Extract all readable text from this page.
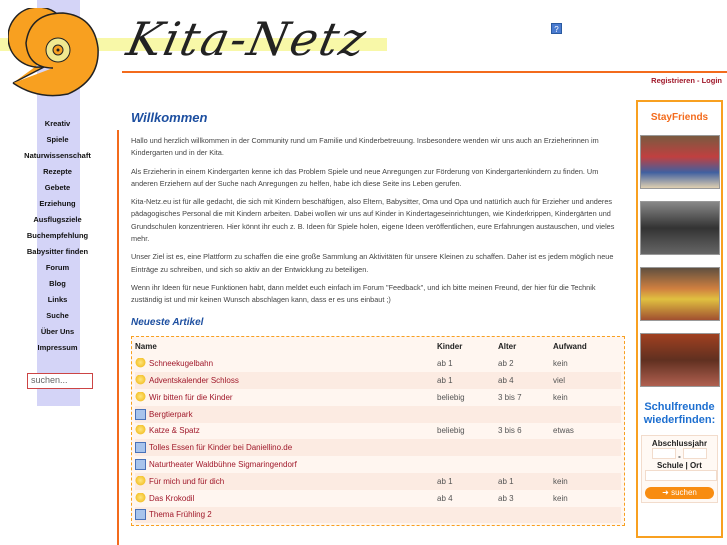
Kita-Netz	?
Registrieren - Login
Kreativ
Spiele
Naturwissenschaft
Rezepte
Gebete
Erziehung
Ausflugsziele
Buchempfehlung
Babysitter finden
Forum
Blog
Links
Suche
Über Uns
Impressum
suchen...
Willkommen

Hallo und herzlich willkommen in der Community rund um Familie und Kinderbetreuung. Insbesondere wenden wir uns auch an Erzieherinnen im Kindergarten und in der Kita.

Als Erzieherin in einem Kindergarten kenne ich das Problem Spiele und neue Anregungen zur Förderung von Kindergartenkindern zu finden. Um anderen Erziehern auf der Suche nach Anregungen zu helfen, habe ich diese Seite ins Leben gerufen.

Kita-Netz.eu ist für alle gedacht, die sich mit Kindern beschäftigen, also Eltern, Babysitter, Oma und Opa und natürlich auch für Erzieher und anderes pädagogisches Personal die mit Kindern arbeiten. Dabei wollen wir uns auf Kinder in Kindertageseinrichtungen, wie Kinderkrippen, Kindergärten und Grundschulen konzentrieren. Hier könnt ihr euch z. B. Ideen für Spiele holen, eigene Ideen veröffentlichen, eure Erfahrungen austauschen, und vieles mehr.

Unser Ziel ist es, eine Plattform zu schaffen die eine große Sammlung an Aktivitäten für unsere Kleinen zu schaffen. Daher ist es jedem möglich neue Einträge zu schreiben, und sich so aktiv an der Entwicklung zu beteiligen.

Wenn ihr Ideen für neue Funktionen habt, dann meldet euch einfach im Forum "Feedback", und ich bitte meinen Freund, der hier für die Technik zuständig ist und mir keinen Wunsch abschlagen kann, dass er es uns einbaut ;)

Neueste Artikel
Name	Kinder	Alter	Aufwand
Schneekugelbahn	ab 1	ab 2	kein
Adventskalender Schloss	ab 1	ab 4	viel
Wir bitten für die Kinder	beliebig	3 bis 7	kein
Bergtierpark
Katze & Spatz	beliebig	3 bis 6	etwas
Tolles Essen für Kinder bei Daniellino.de
Naturtheater Waldbühne Sigmaringendorf
Für mich und für dich	ab 1	ab 1	kein
Das Krokodil	ab 4	ab 3	kein
Thema Frühling 2
StayFriends
Schulfreunde wiederfinden:
Abschlussjahr
-
Schule | Ort
➜ suchen
